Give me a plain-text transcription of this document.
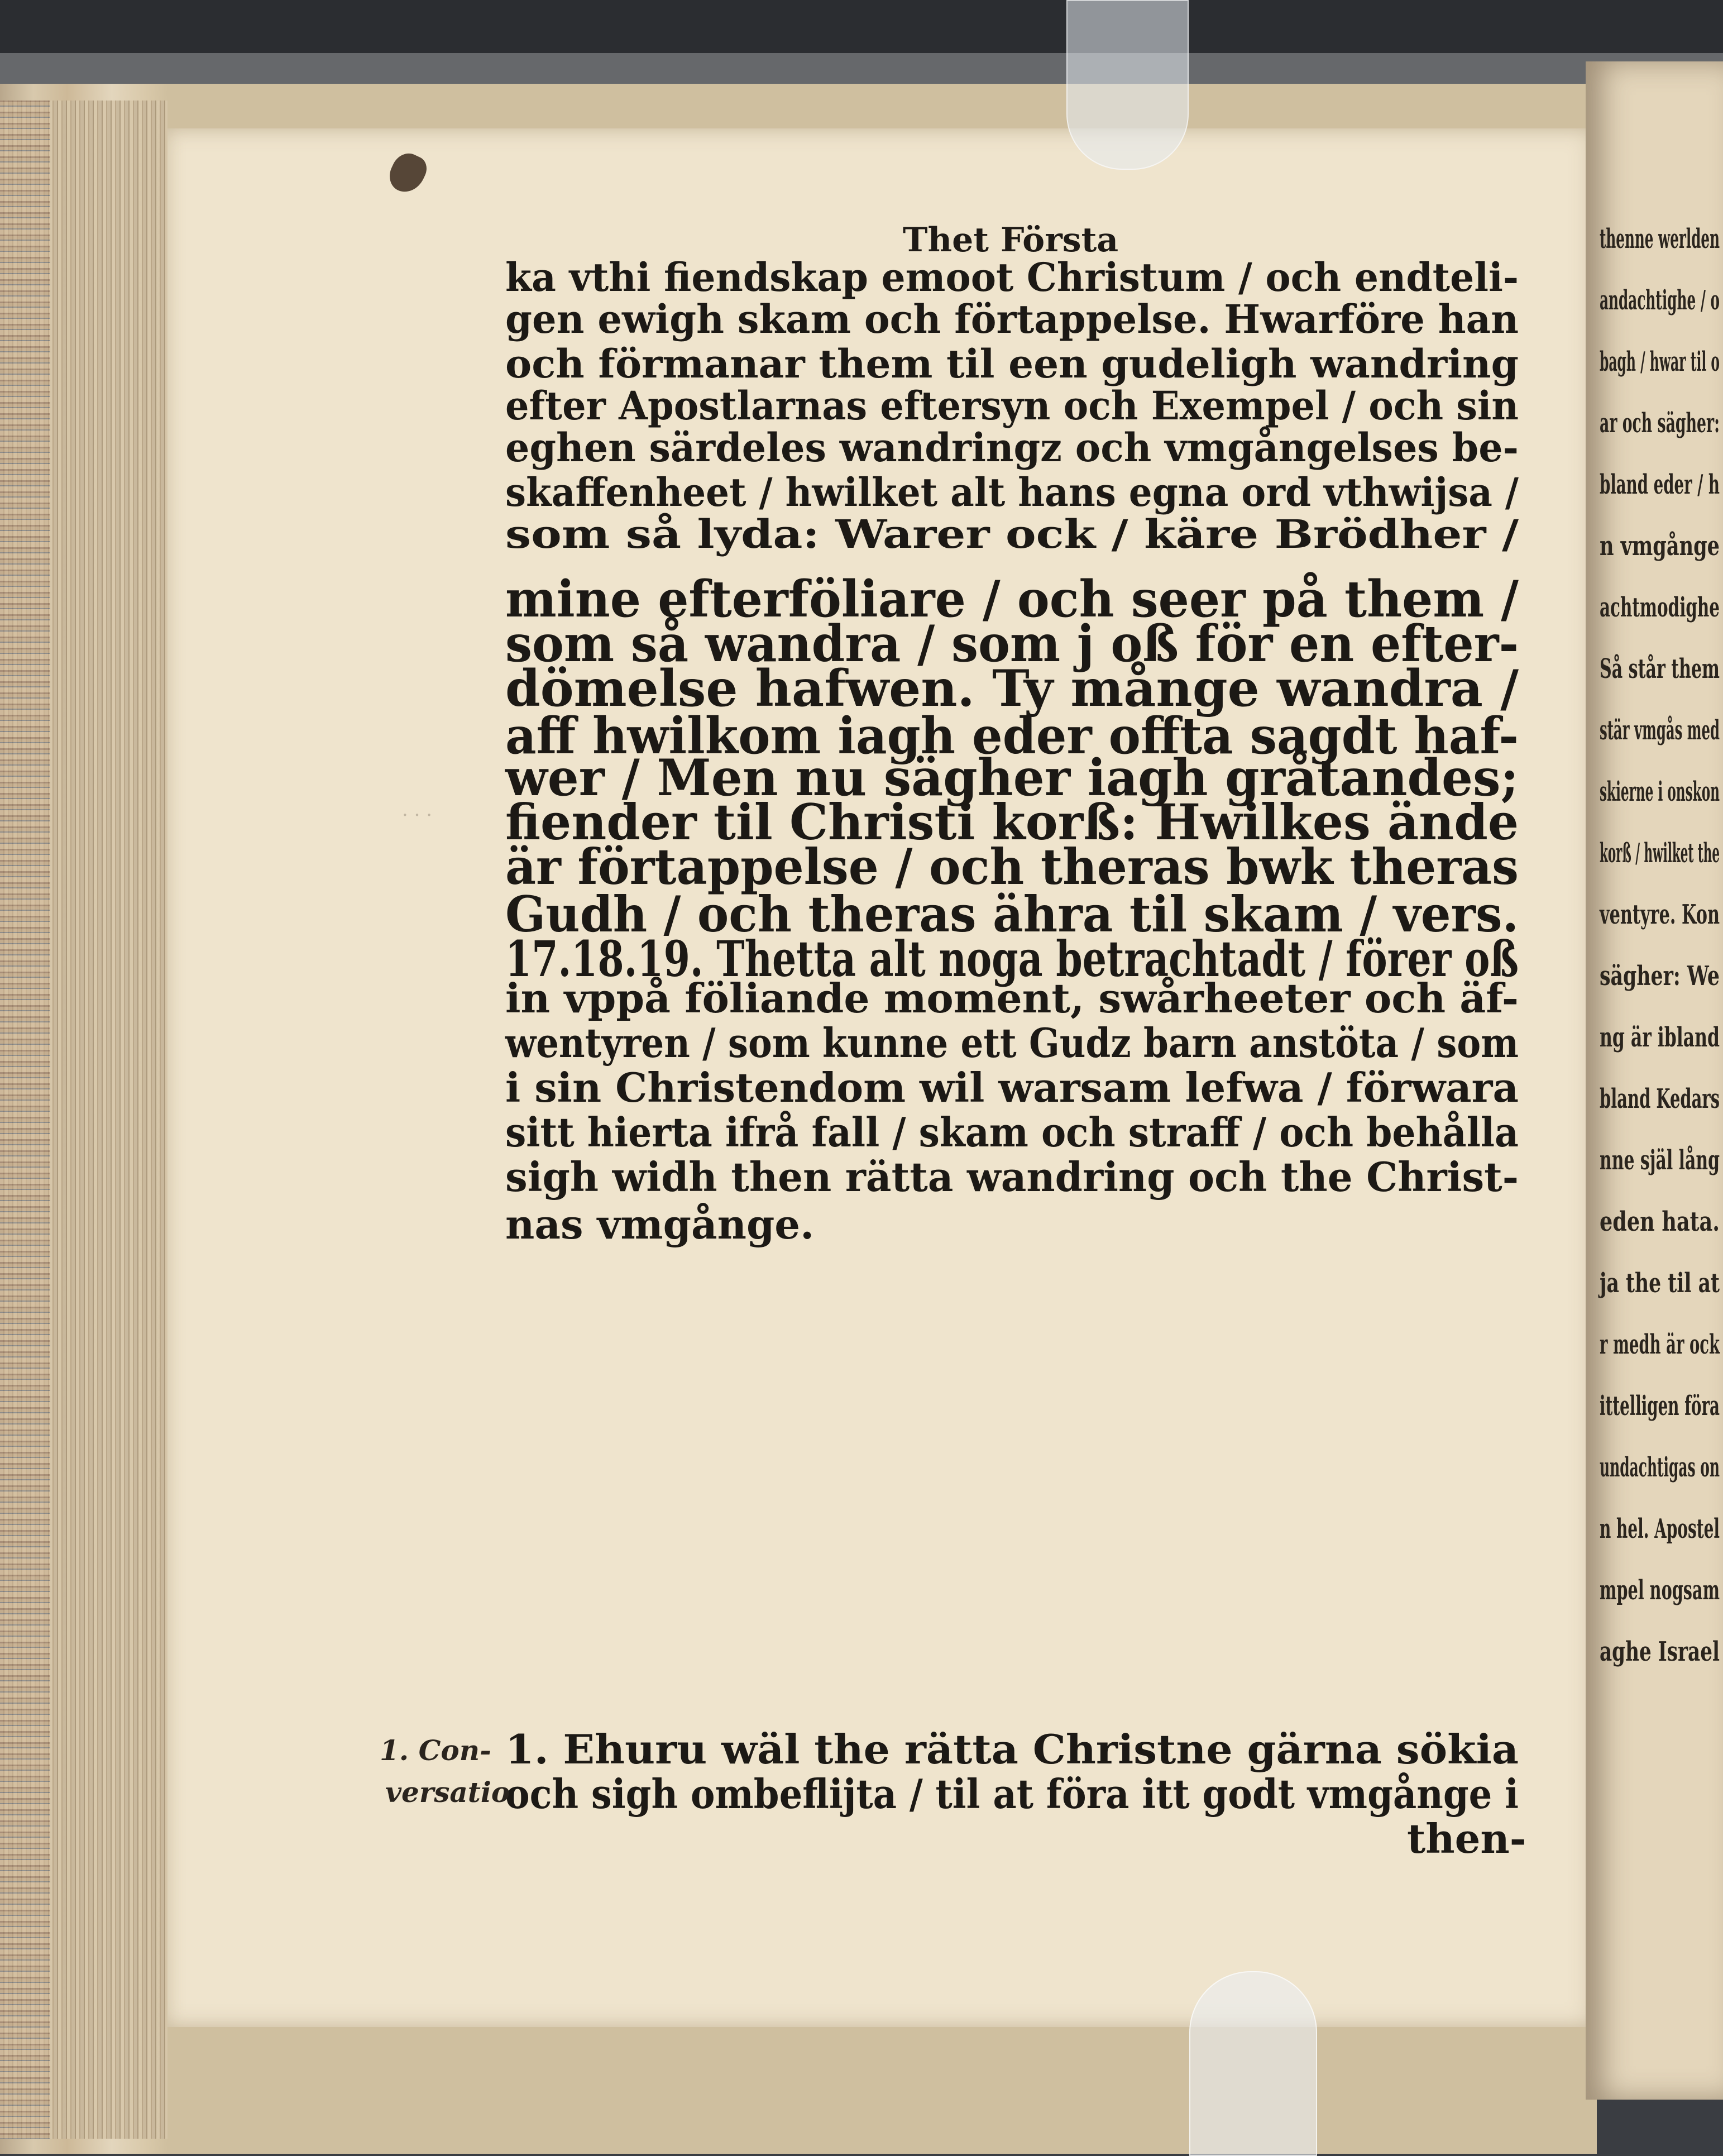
· · ·
Thet Första
ka vthi fiendskap emoot Christum / och endteli-
gen ewigh skam och förtappelse. Hwarföre han
och förmanar them til een gudeligh wandring
efter Apostlarnas eftersyn och Exempel / och sin
eghen särdeles wandringz och vmgångelses be-
skaffenheet / hwilket alt hans egna ord vthwijsa /
som så lyda: Warer ock / käre Brödher /
mine efterföliare / och seer på them /
som så wandra / som j oß för en efter-
dömelse hafwen. Ty månge wandra /
aff hwilkom iagh eder offta sagdt haf-
wer / Men nu sägher iagh gråtandes;
fiender til Christi korß: Hwilkes ände
är förtappelse / och theras bwk theras
Gudh / och theras ähra til skam / vers.
17.18.19. Thetta alt noga betrachtadt / förer oß
in vppå föliande moment, swårheeter och äf-
wentyren / som kunne ett Gudz barn anstöta / som
i sin Christendom wil warsam lefwa / förwara
sitt hierta ifrå fall / skam och straff / och behålla
sigh widh then rätta wandring och the Christ-
nas vmgånge.
1. Ehuru wäl the rätta Christne gärna sökia
och sigh ombeflijta / til at föra itt godt vmgånge i
then-
1. Con-
versatio
thenne werlden
andachtighe / o
bagh / hwar til o
ar och sägher:
bland eder / h
n vmgånge
achtmodighe
Så står them
stär vmgås med
skierne i onskon
korß / hwilket the
ventyre. Kon
sägher: We
ng är ibland
bland Kedars
nne själ lång
eden hata.
ja the til at
r medh är ock
ittelligen föra
undachtigas on
n hel. Apostel
mpel nogsam
aghe Israel
